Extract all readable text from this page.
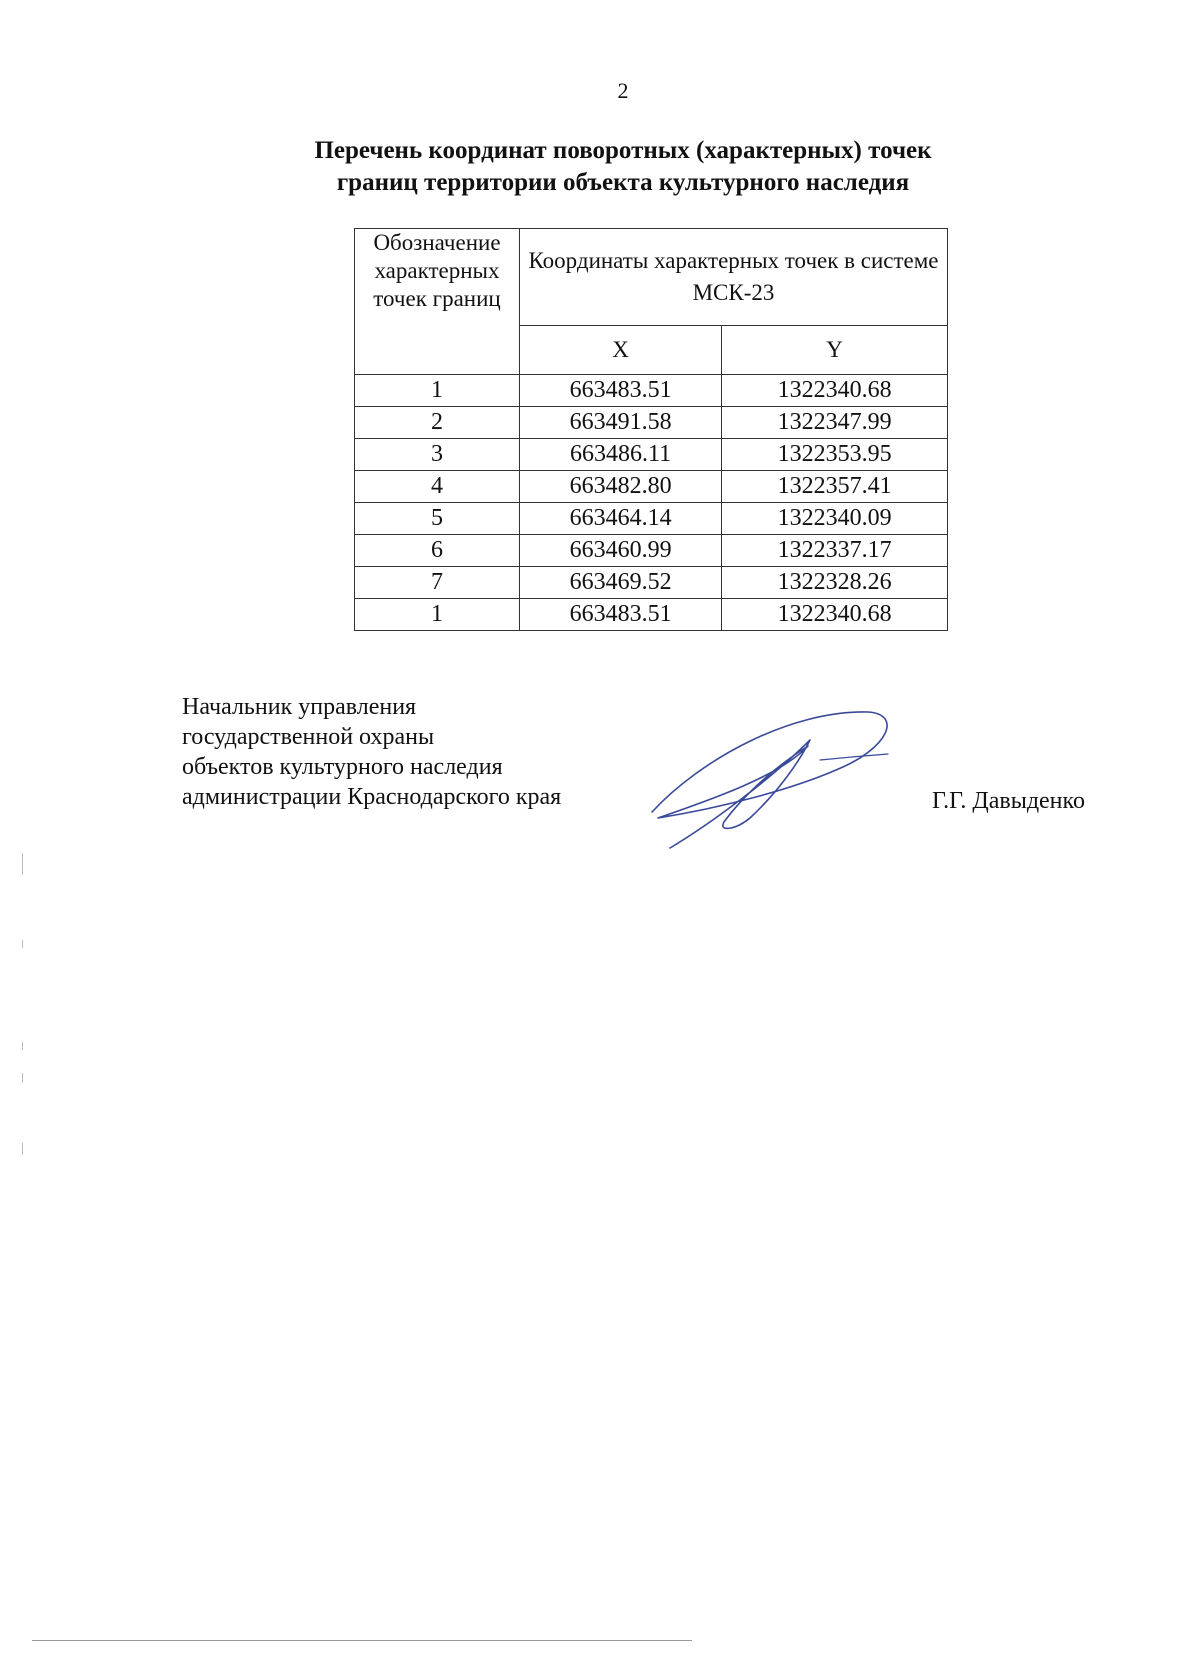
2
Перечень координат поворотных (характерных) точек
границ территории объекта культурного наследия
Обозначение характерных точек границ	Координаты характерных точек в системе МСК-23	
	X	Y
1	663483.51	1322340.68
2	663491.58	1322347.99
3	663486.11	1322353.95
4	663482.80	1322357.41
5	663464.14	1322340.09
6	663460.99	1322337.17
7	663469.52	1322328.26
1	663483.51	1322340.68
Начальник управления
государственной охраны
объектов культурного наследия
администрации Краснодарского края	Г.Г. Давыденко
